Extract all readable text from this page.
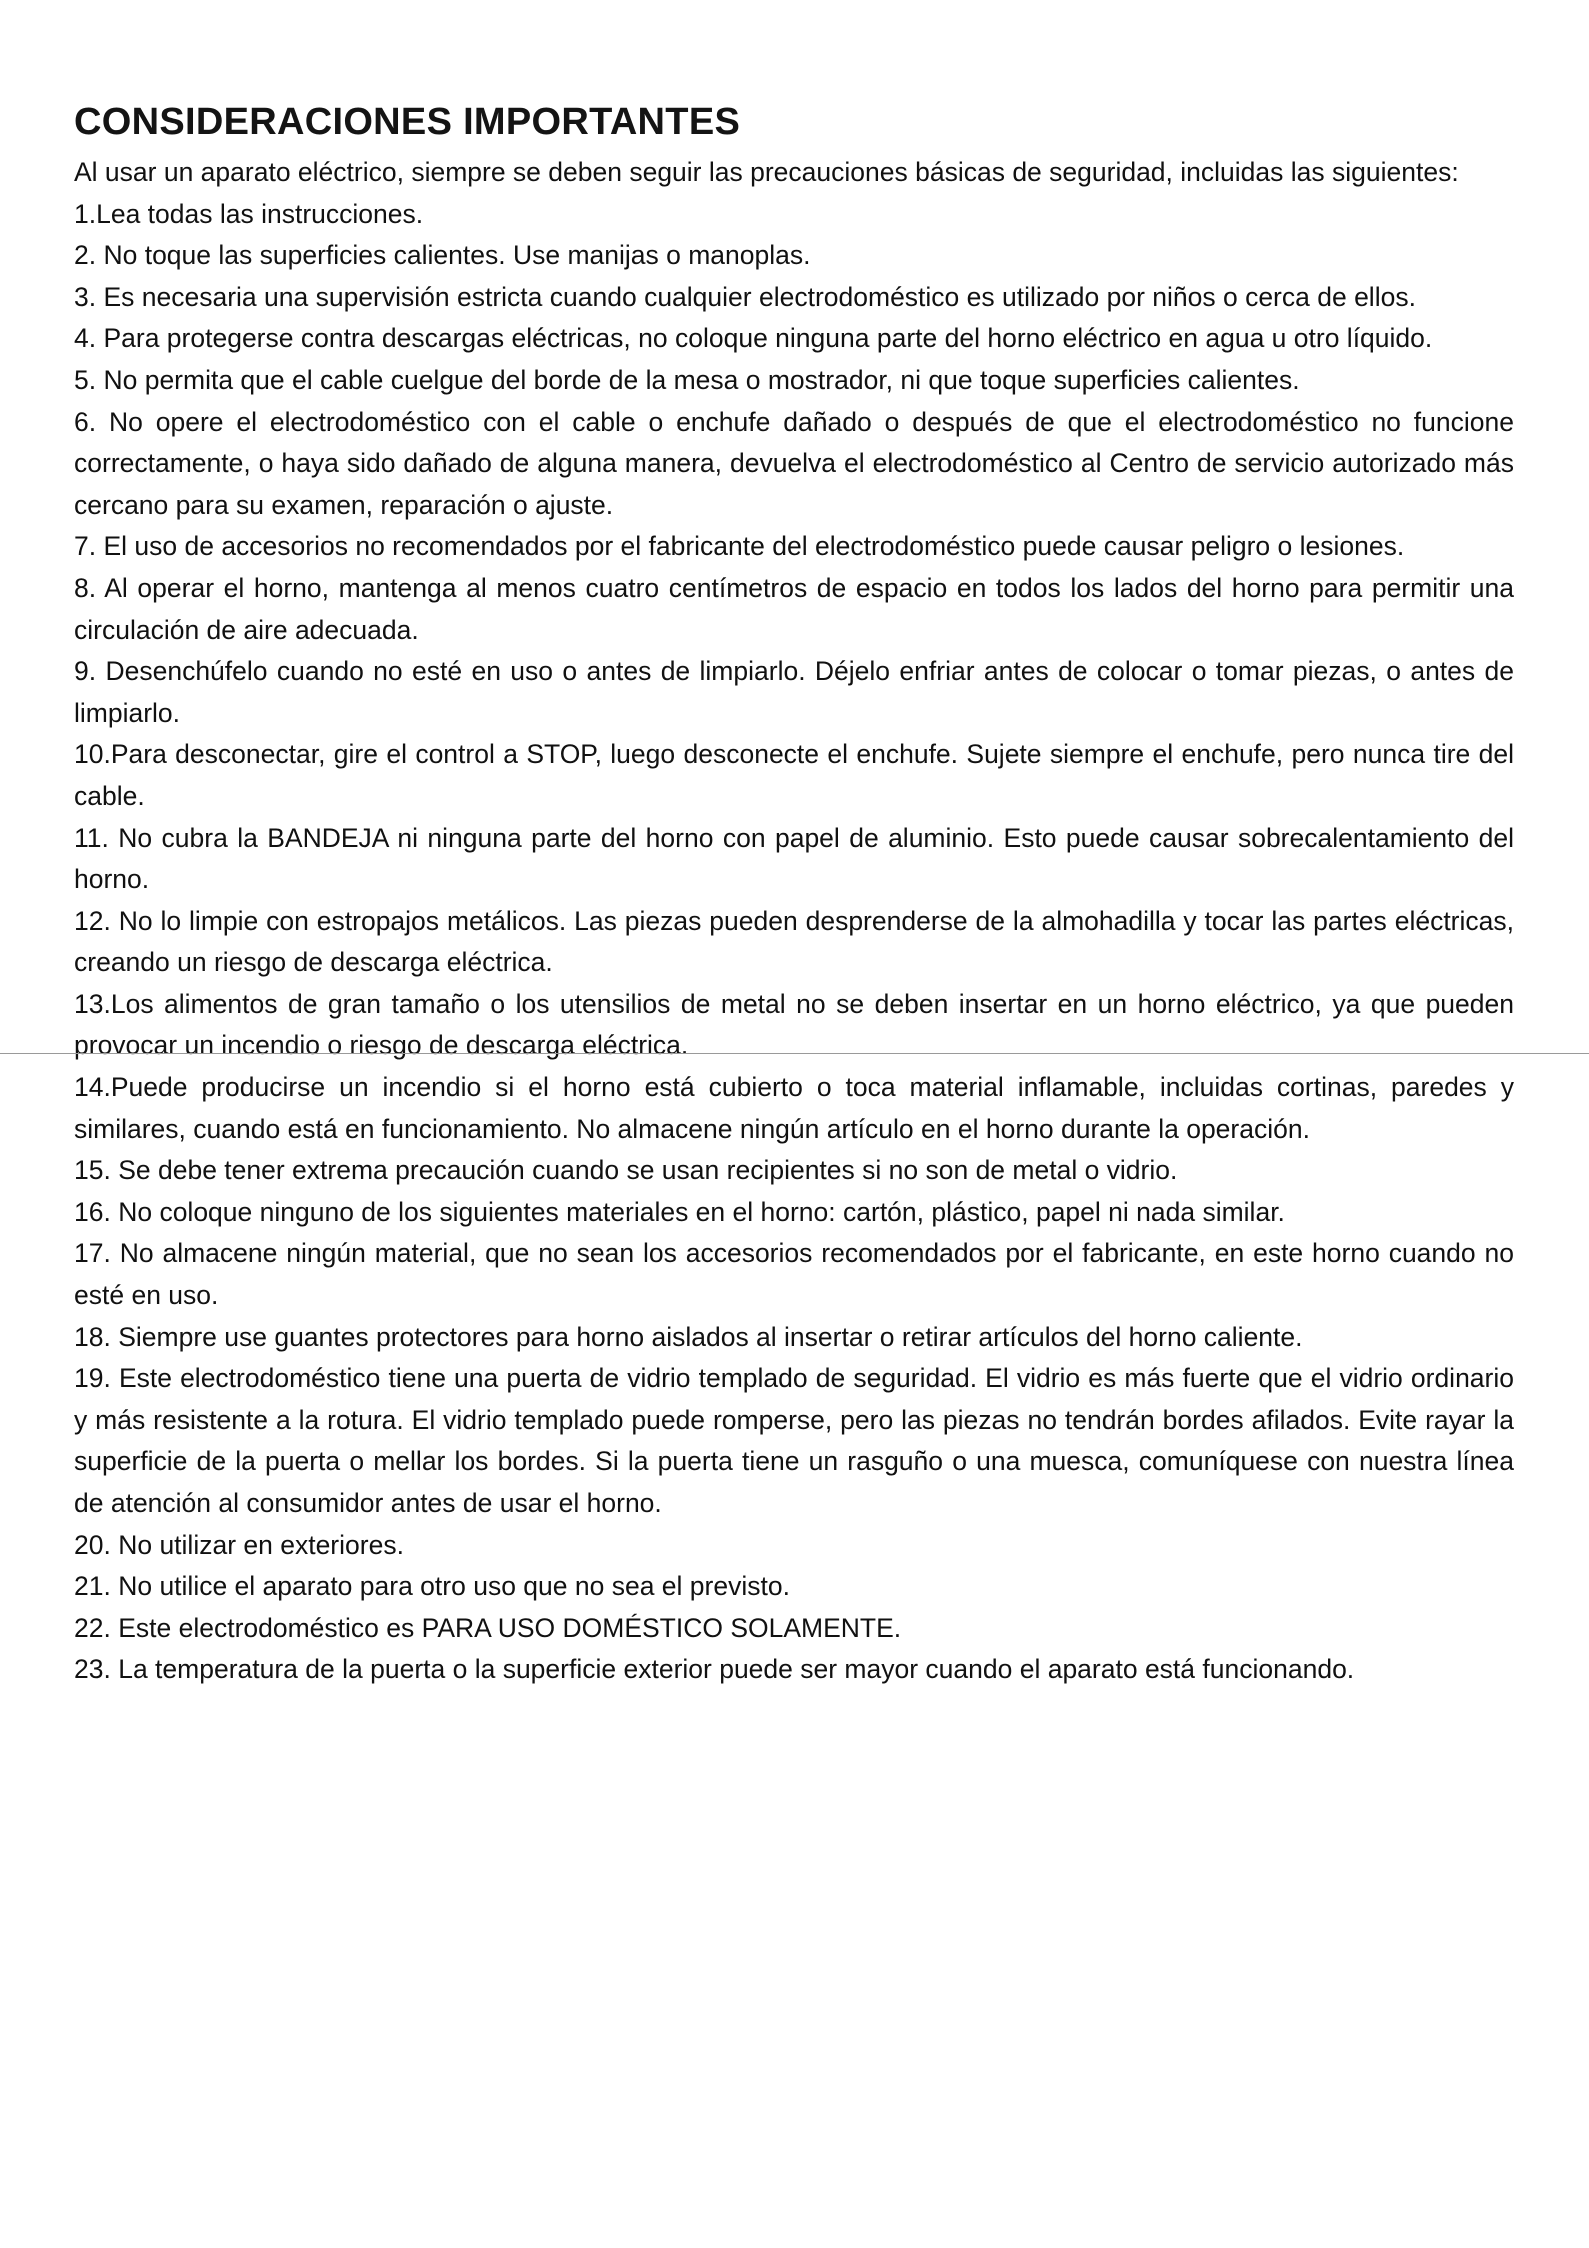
CONSIDERACIONES IMPORTANTES

Al usar un aparato eléctrico, siempre se deben seguir las precauciones básicas de seguridad, incluidas las siguientes:

1.Lea todas las instrucciones.
2. No toque las superficies calientes. Use manijas o manoplas.
3. Es necesaria una supervisión estricta cuando cualquier electrodoméstico es utilizado por niños o cerca de ellos.
4. Para protegerse contra descargas eléctricas, no coloque ninguna parte del horno eléctrico en agua u otro líquido.
5. No permita que el cable cuelgue del borde de la mesa o mostrador, ni que toque superficies calientes.
6. No opere el electrodoméstico con el cable o enchufe dañado o después de que el electrodoméstico no funcione correctamente, o haya sido dañado de alguna manera, devuelva el electrodoméstico al Centro de servicio autorizado más cercano para su examen, reparación o ajuste.
7. El uso de accesorios no recomendados por el fabricante del electrodoméstico puede causar peligro o lesiones.
8. Al operar el horno, mantenga al menos cuatro centímetros de espacio en todos los lados del horno para permitir una circulación de aire adecuada.
9. Desenchúfelo cuando no esté en uso o antes de limpiarlo. Déjelo enfriar antes de colocar o tomar piezas, o antes de limpiarlo.
10.Para desconectar, gire el control a STOP, luego desconecte el enchufe. Sujete siempre el enchufe, pero nunca tire del cable.
11. No cubra la BANDEJA ni ninguna parte del horno con papel de aluminio. Esto puede causar sobrecalentamiento del horno.
12. No lo limpie con estropajos metálicos. Las piezas pueden desprenderse de la almohadilla y tocar las partes eléctricas, creando un riesgo de descarga eléctrica.
13.Los alimentos de gran tamaño o los utensilios de metal no se deben insertar en un horno eléctrico, ya que pueden provocar un incendio o riesgo de descarga eléctrica.
14.Puede producirse un incendio si el horno está cubierto o toca material inflamable, incluidas cortinas, paredes y similares, cuando está en funcionamiento. No almacene ningún artículo en el horno durante la operación.
15. Se debe tener extrema precaución cuando se usan recipientes si no son de metal o vidrio.
16. No coloque ninguno de los siguientes materiales en el horno: cartón, plástico, papel ni nada similar.
17. No almacene ningún material, que no sean los accesorios recomendados por el fabricante, en este horno cuando no esté en uso.
18. Siempre use guantes protectores para horno aislados al insertar o retirar artículos del horno caliente.
19. Este electrodoméstico tiene una puerta de vidrio templado de seguridad. El vidrio es más fuerte que el vidrio ordinario y más resistente a la rotura. El vidrio templado puede romperse, pero las piezas no tendrán bordes afilados. Evite rayar la superficie de la puerta o mellar los bordes. Si la puerta tiene un rasguño o una muesca, comuníquese con nuestra línea de atención al consumidor antes de usar el horno.
20. No utilizar en exteriores.
21. No utilice el aparato para otro uso que no sea el previsto.
22. Este electrodoméstico es PARA USO DOMÉSTICO SOLAMENTE.
23. La temperatura de la puerta o la superficie exterior puede ser mayor cuando el aparato está funcionando.
